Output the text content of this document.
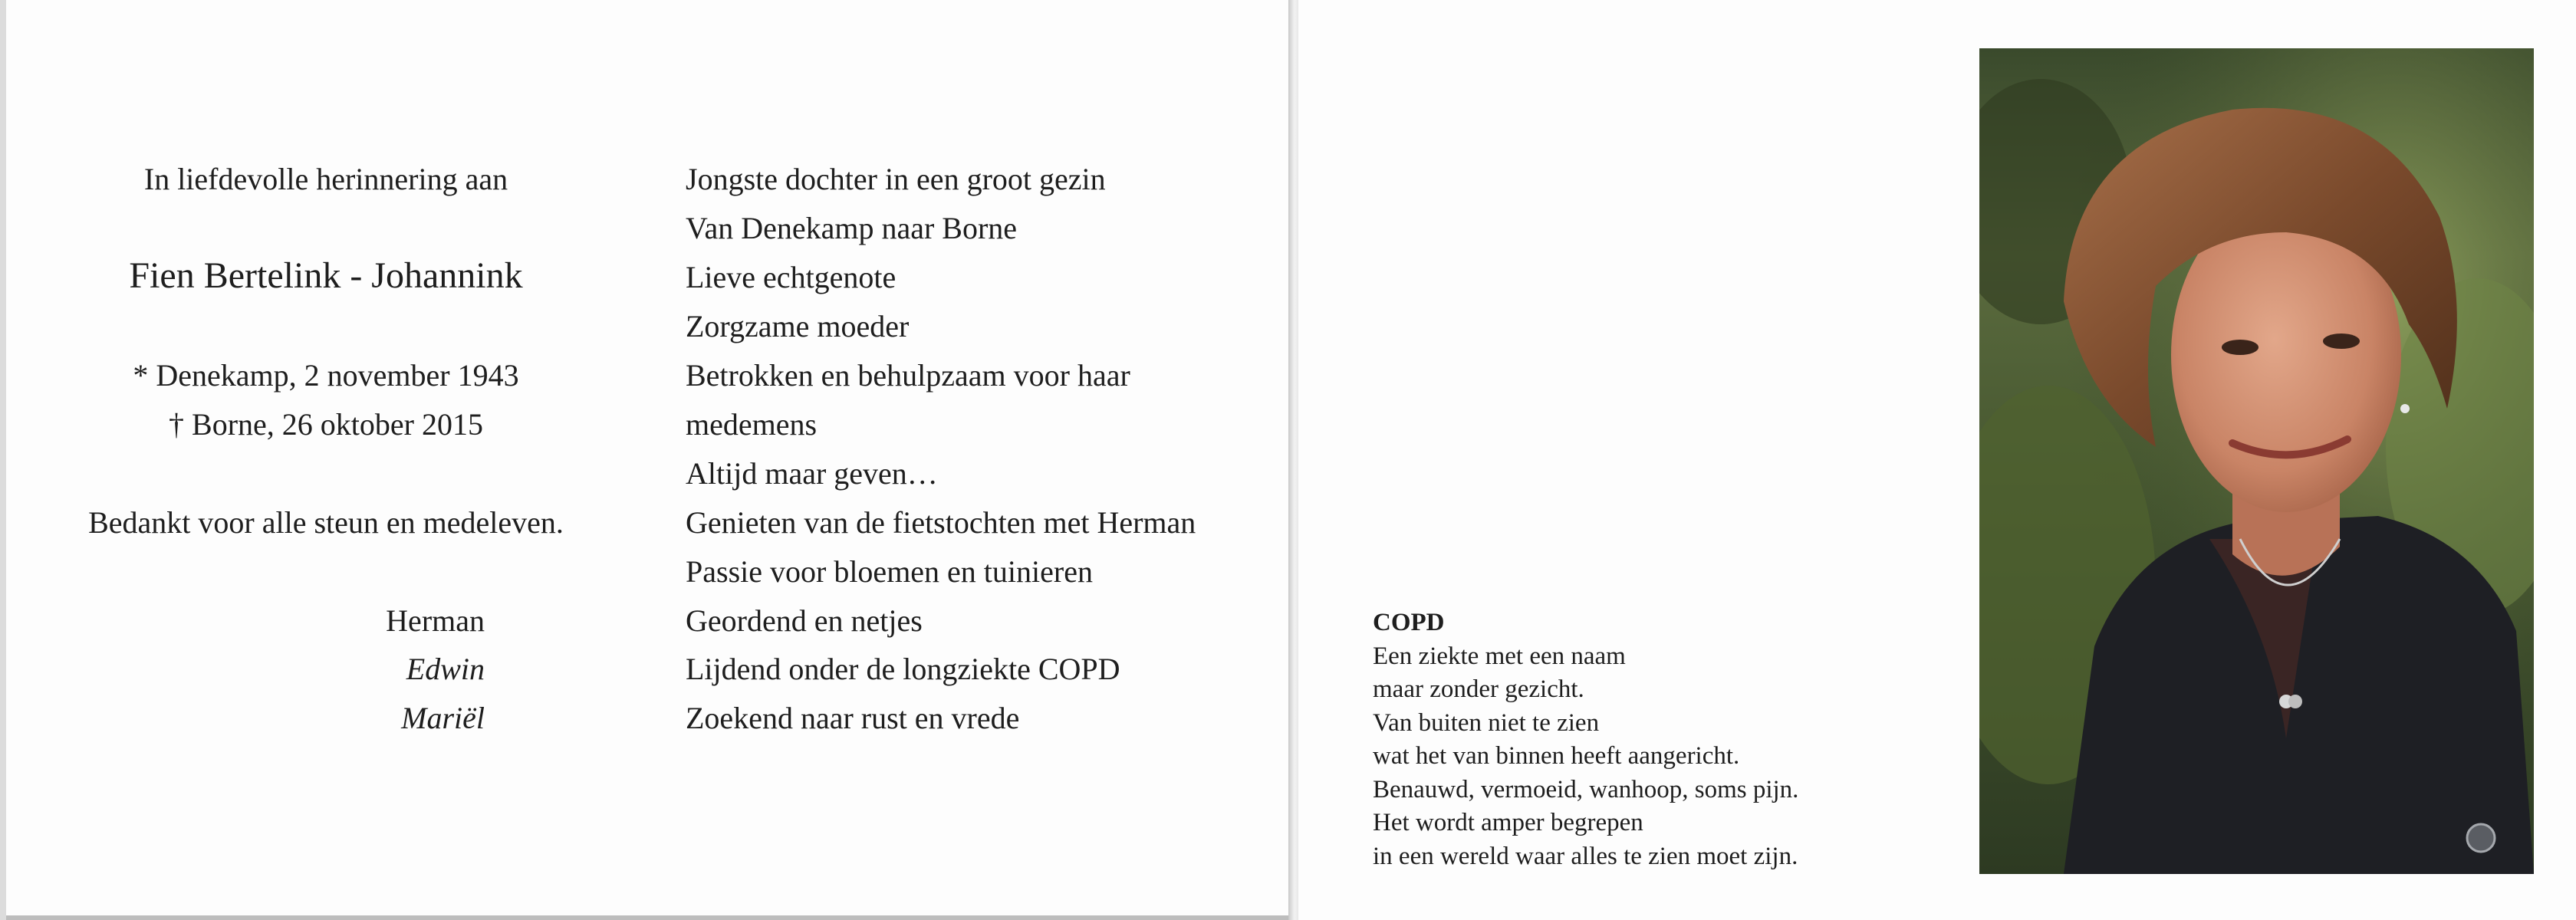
In liefdevolle herinnering aan
Fien Bertelink - Johannink
* Denekamp, 2 november 1943
† Borne, 26 oktober 2015
Bedankt voor alle steun en medeleven.
Herman
Edwin
Mariël
Jongste dochter in een groot gezin
Van Denekamp naar Borne
Lieve echtgenote
Zorgzame moeder
Betrokken en behulpzaam voor haar
medemens
Altijd maar geven…
Genieten van de fietstochten met Herman
Passie voor bloemen en tuinieren
Geordend en netjes
Lijdend onder de longziekte COPD
Zoekend naar rust en vrede
COPD
Een ziekte met een naam
maar zonder gezicht.
Van buiten niet te zien
wat het van binnen heeft aangericht.
Benauwd, vermoeid, wanhoop, soms pijn.
Het wordt amper begrepen
in een wereld waar alles te zien moet zijn.
